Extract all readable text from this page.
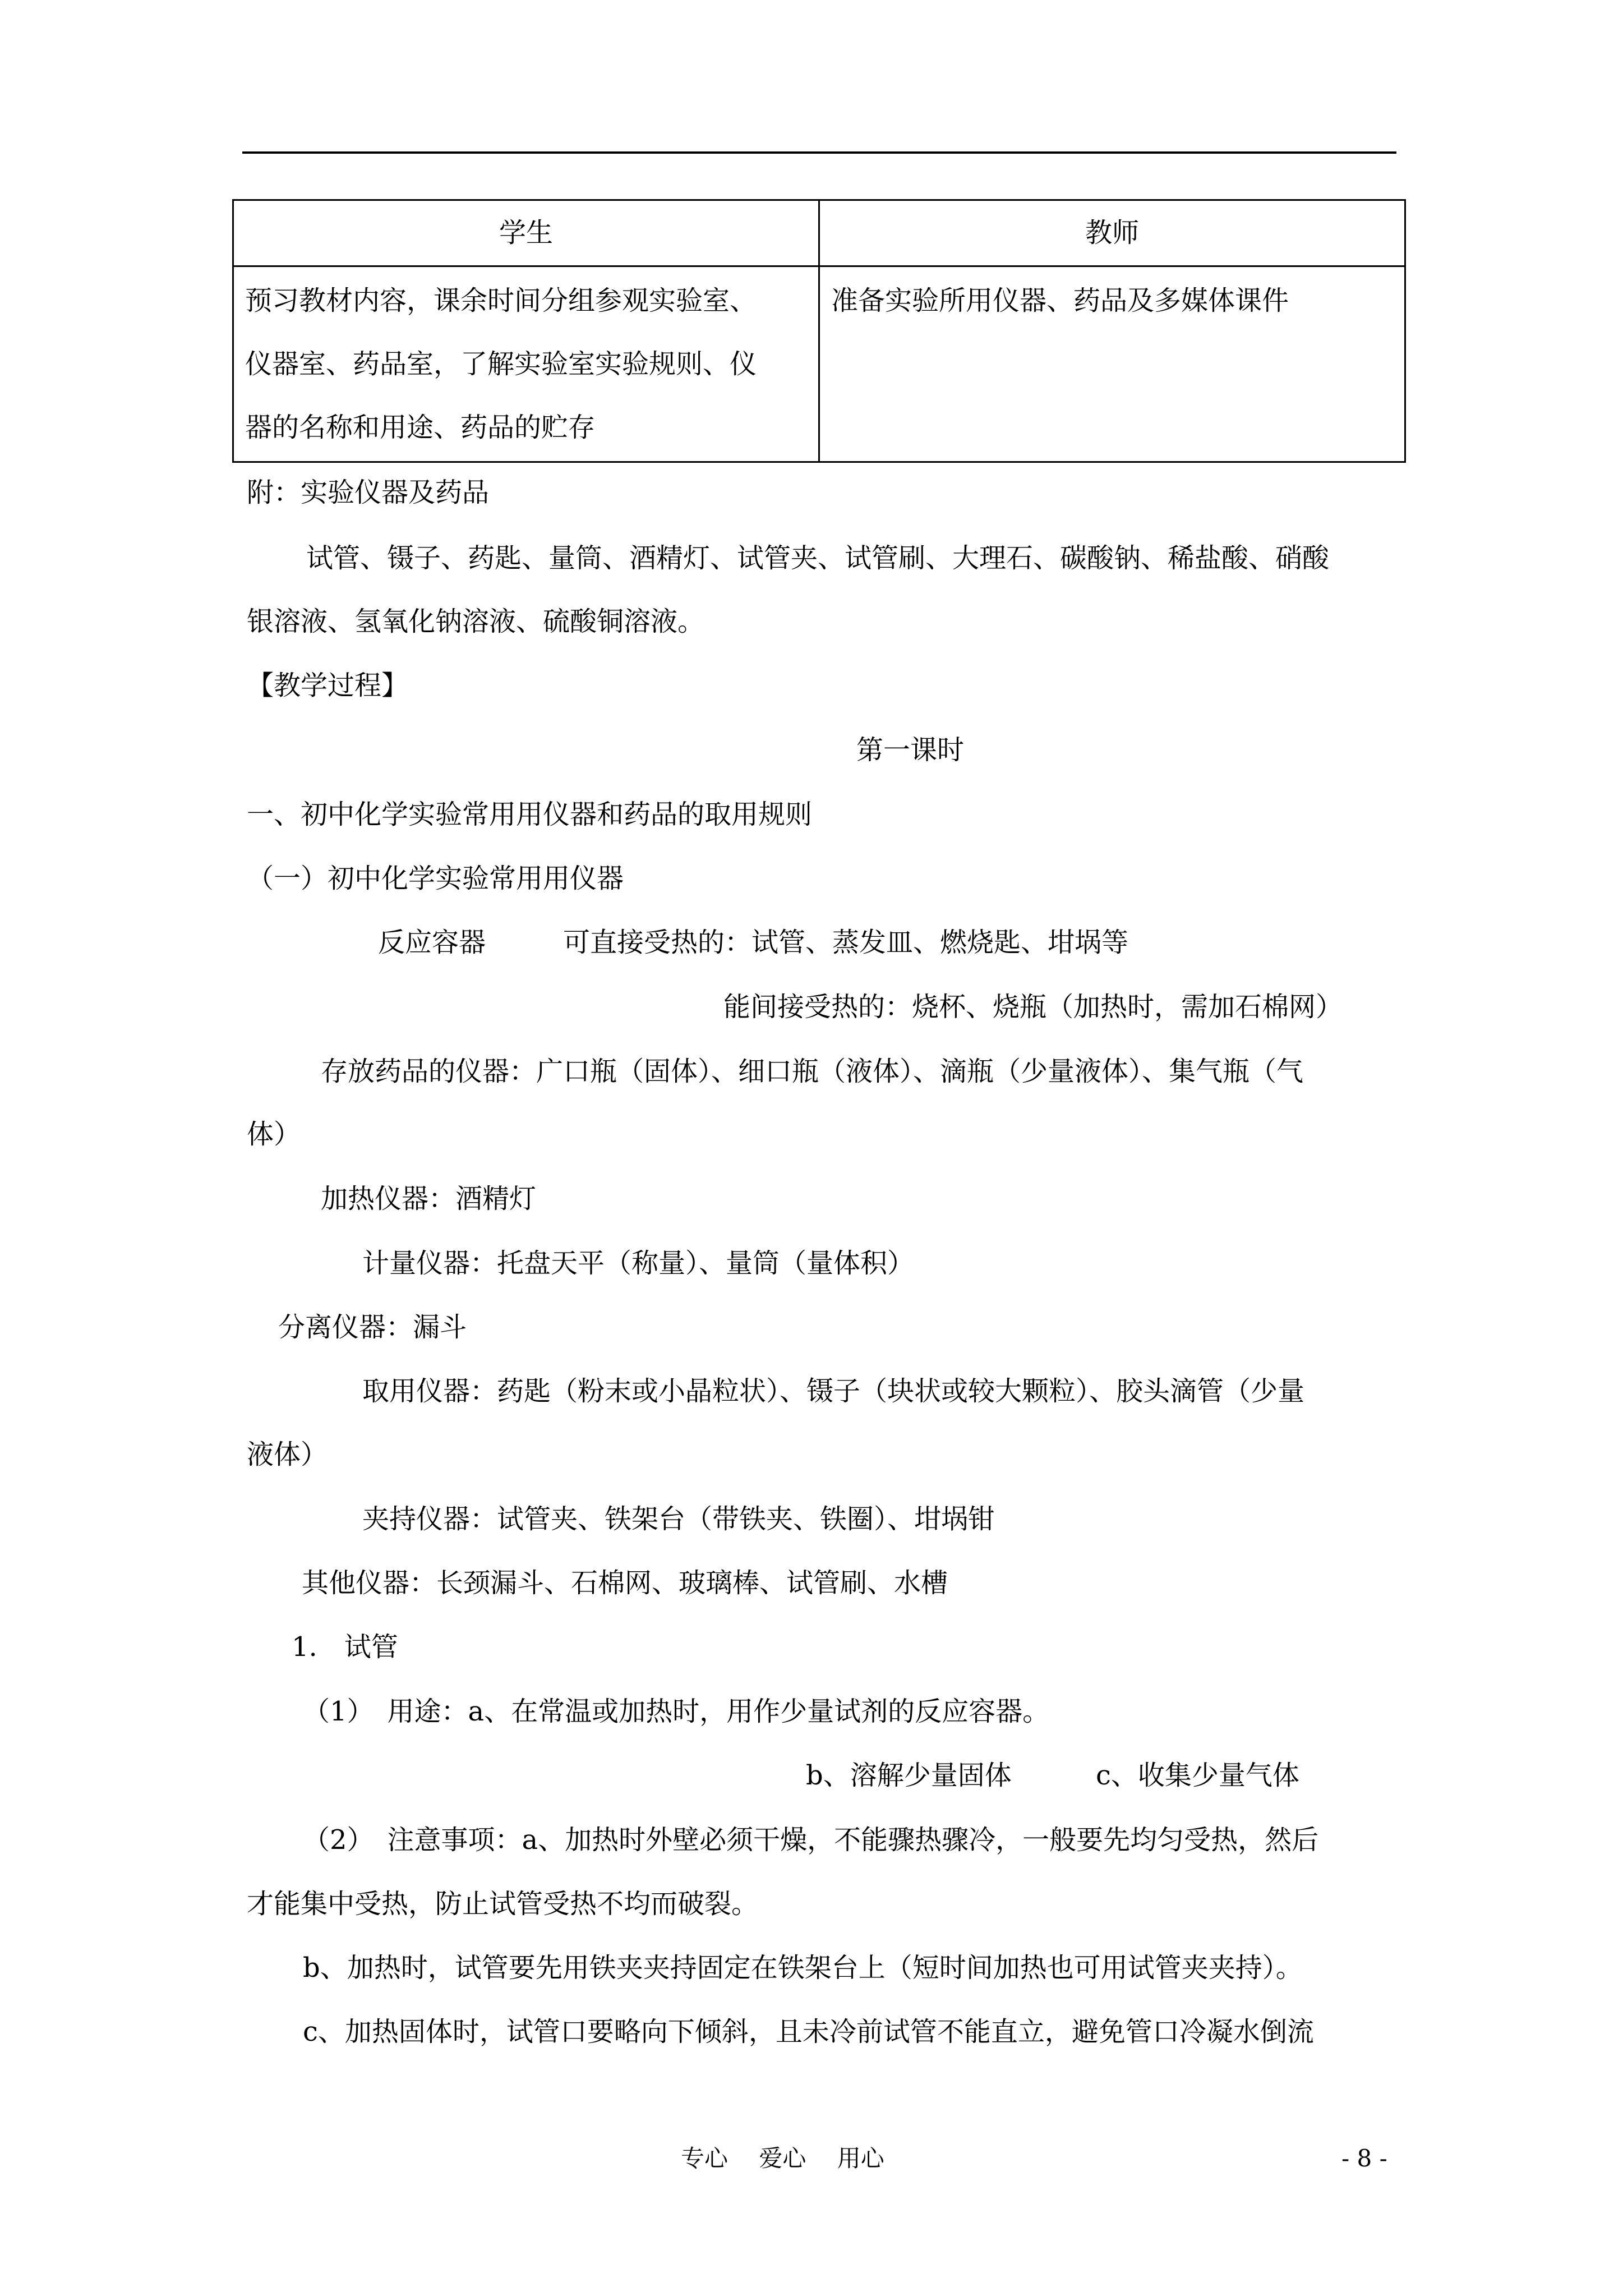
学生	教师

预习教材内容，课余时间分组参观实验室、
仪器室、药品室，了解实验室实验规则、仪
器的名称和用途、药品的贮存	准备实验所用仪器、药品及多媒体课件
附：实验仪器及药品
试管、镊子、药匙、量筒、酒精灯、试管夹、试管刷、大理石、碳酸钠、稀盐酸、硝酸
银溶液、氢氧化钠溶液、硫酸铜溶液。
【教学过程】
第一课时
一、初中化学实验常用用仪器和药品的取用规则
（一）初中化学实验常用用仪器
反应容器	可直接受热的：试管、蒸发皿、燃烧匙、坩埚等
能间接受热的：烧杯、烧瓶（加热时，需加石棉网）
存放药品的仪器：广口瓶（固体）、细口瓶（液体）、滴瓶（少量液体）、集气瓶（气
体）
加热仪器：酒精灯
计量仪器：托盘天平（称量）、量筒（量体积）
分离仪器：漏斗
取用仪器：药匙（粉末或小晶粒状）、镊子（块状或较大颗粒）、胶头滴管（少量
液体）
夹持仪器：试管夹、铁架台（带铁夹、铁圈）、坩埚钳
其他仪器：长颈漏斗、石棉网、玻璃棒、试管刷、水槽
1.　试管
（1）　用途：a、在常温或加热时，用作少量试剂的反应容器。
b、溶解少量固体	c、收集少量气体
（2）　注意事项：a、加热时外壁必须干燥，不能骤热骤冷，一般要先均匀受热，然后
才能集中受热，防止试管受热不均而破裂。
b、加热时，试管要先用铁夹夹持固定在铁架台上（短时间加热也可用试管夹夹持）。
c、加热固体时，试管口要略向下倾斜，且未冷前试管不能直立，避免管口冷凝水倒流
专心　 爱心　 用心	- 8 -
